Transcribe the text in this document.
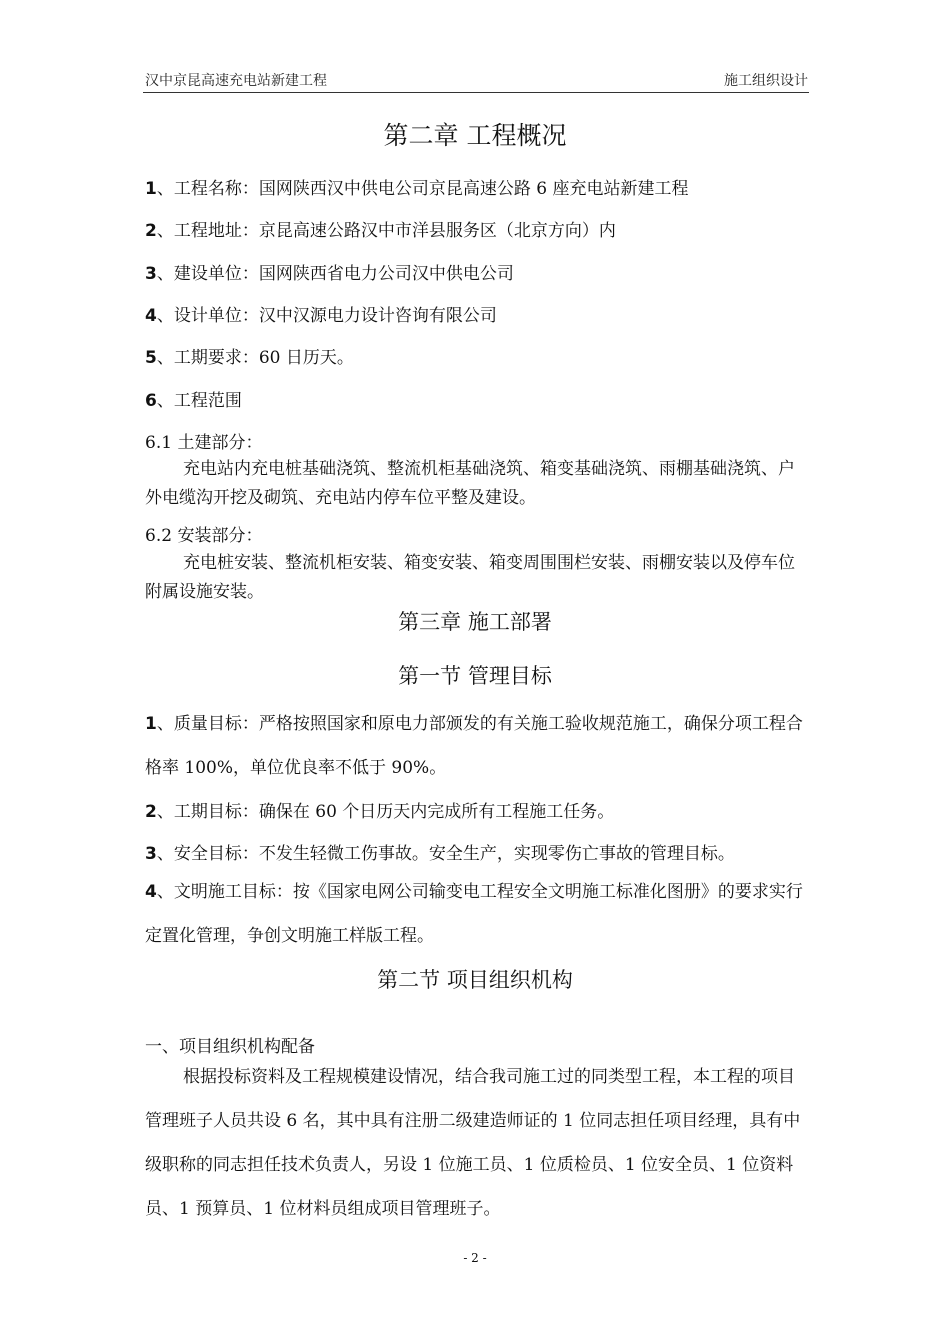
汉中京昆高速充电站新建工程	施工组织设计
第二章 工程概况
1、工程名称：国网陕西汉中供电公司京昆高速公路 6 座充电站新建工程
2、工程地址：京昆高速公路汉中市洋县服务区（北京方向）内
3、建设单位：国网陕西省电力公司汉中供电公司
4、设计单位：汉中汉源电力设计咨询有限公司
5、工期要求：60 日历天。
6、工程范围
6.1 土建部分：
充电站内充电桩基础浇筑、整流机柜基础浇筑、箱变基础浇筑、雨棚基础浇筑、户外电缆沟开挖及砌筑、充电站内停车位平整及建设。
6.2 安装部分：
充电桩安装、整流机柜安装、箱变安装、箱变周围围栏安装、雨棚安装以及停车位附属设施安装。
第三章 施工部署
第一节 管理目标
1、质量目标：严格按照国家和原电力部颁发的有关施工验收规范施工，确保分项工程合格率 100%，单位优良率不低于 90%。
2、工期目标：确保在 60 个日历天内完成所有工程施工任务。
3、安全目标：不发生轻微工伤事故。安全生产，实现零伤亡事故的管理目标。
4、文明施工目标：按《国家电网公司输变电工程安全文明施工标准化图册》的要求实行定置化管理，争创文明施工样版工程。
第二节 项目组织机构
一、项目组织机构配备
根据投标资料及工程规模建设情况，结合我司施工过的同类型工程，本工程的项目管理班子人员共设 6 名，其中具有注册二级建造师证的 1 位同志担任项目经理，具有中级职称的同志担任技术负责人，另设 1 位施工员、1 位质检员、1 位安全员、1 位资料员、1 预算员、1 位材料员组成项目管理班子。
- 2 -
